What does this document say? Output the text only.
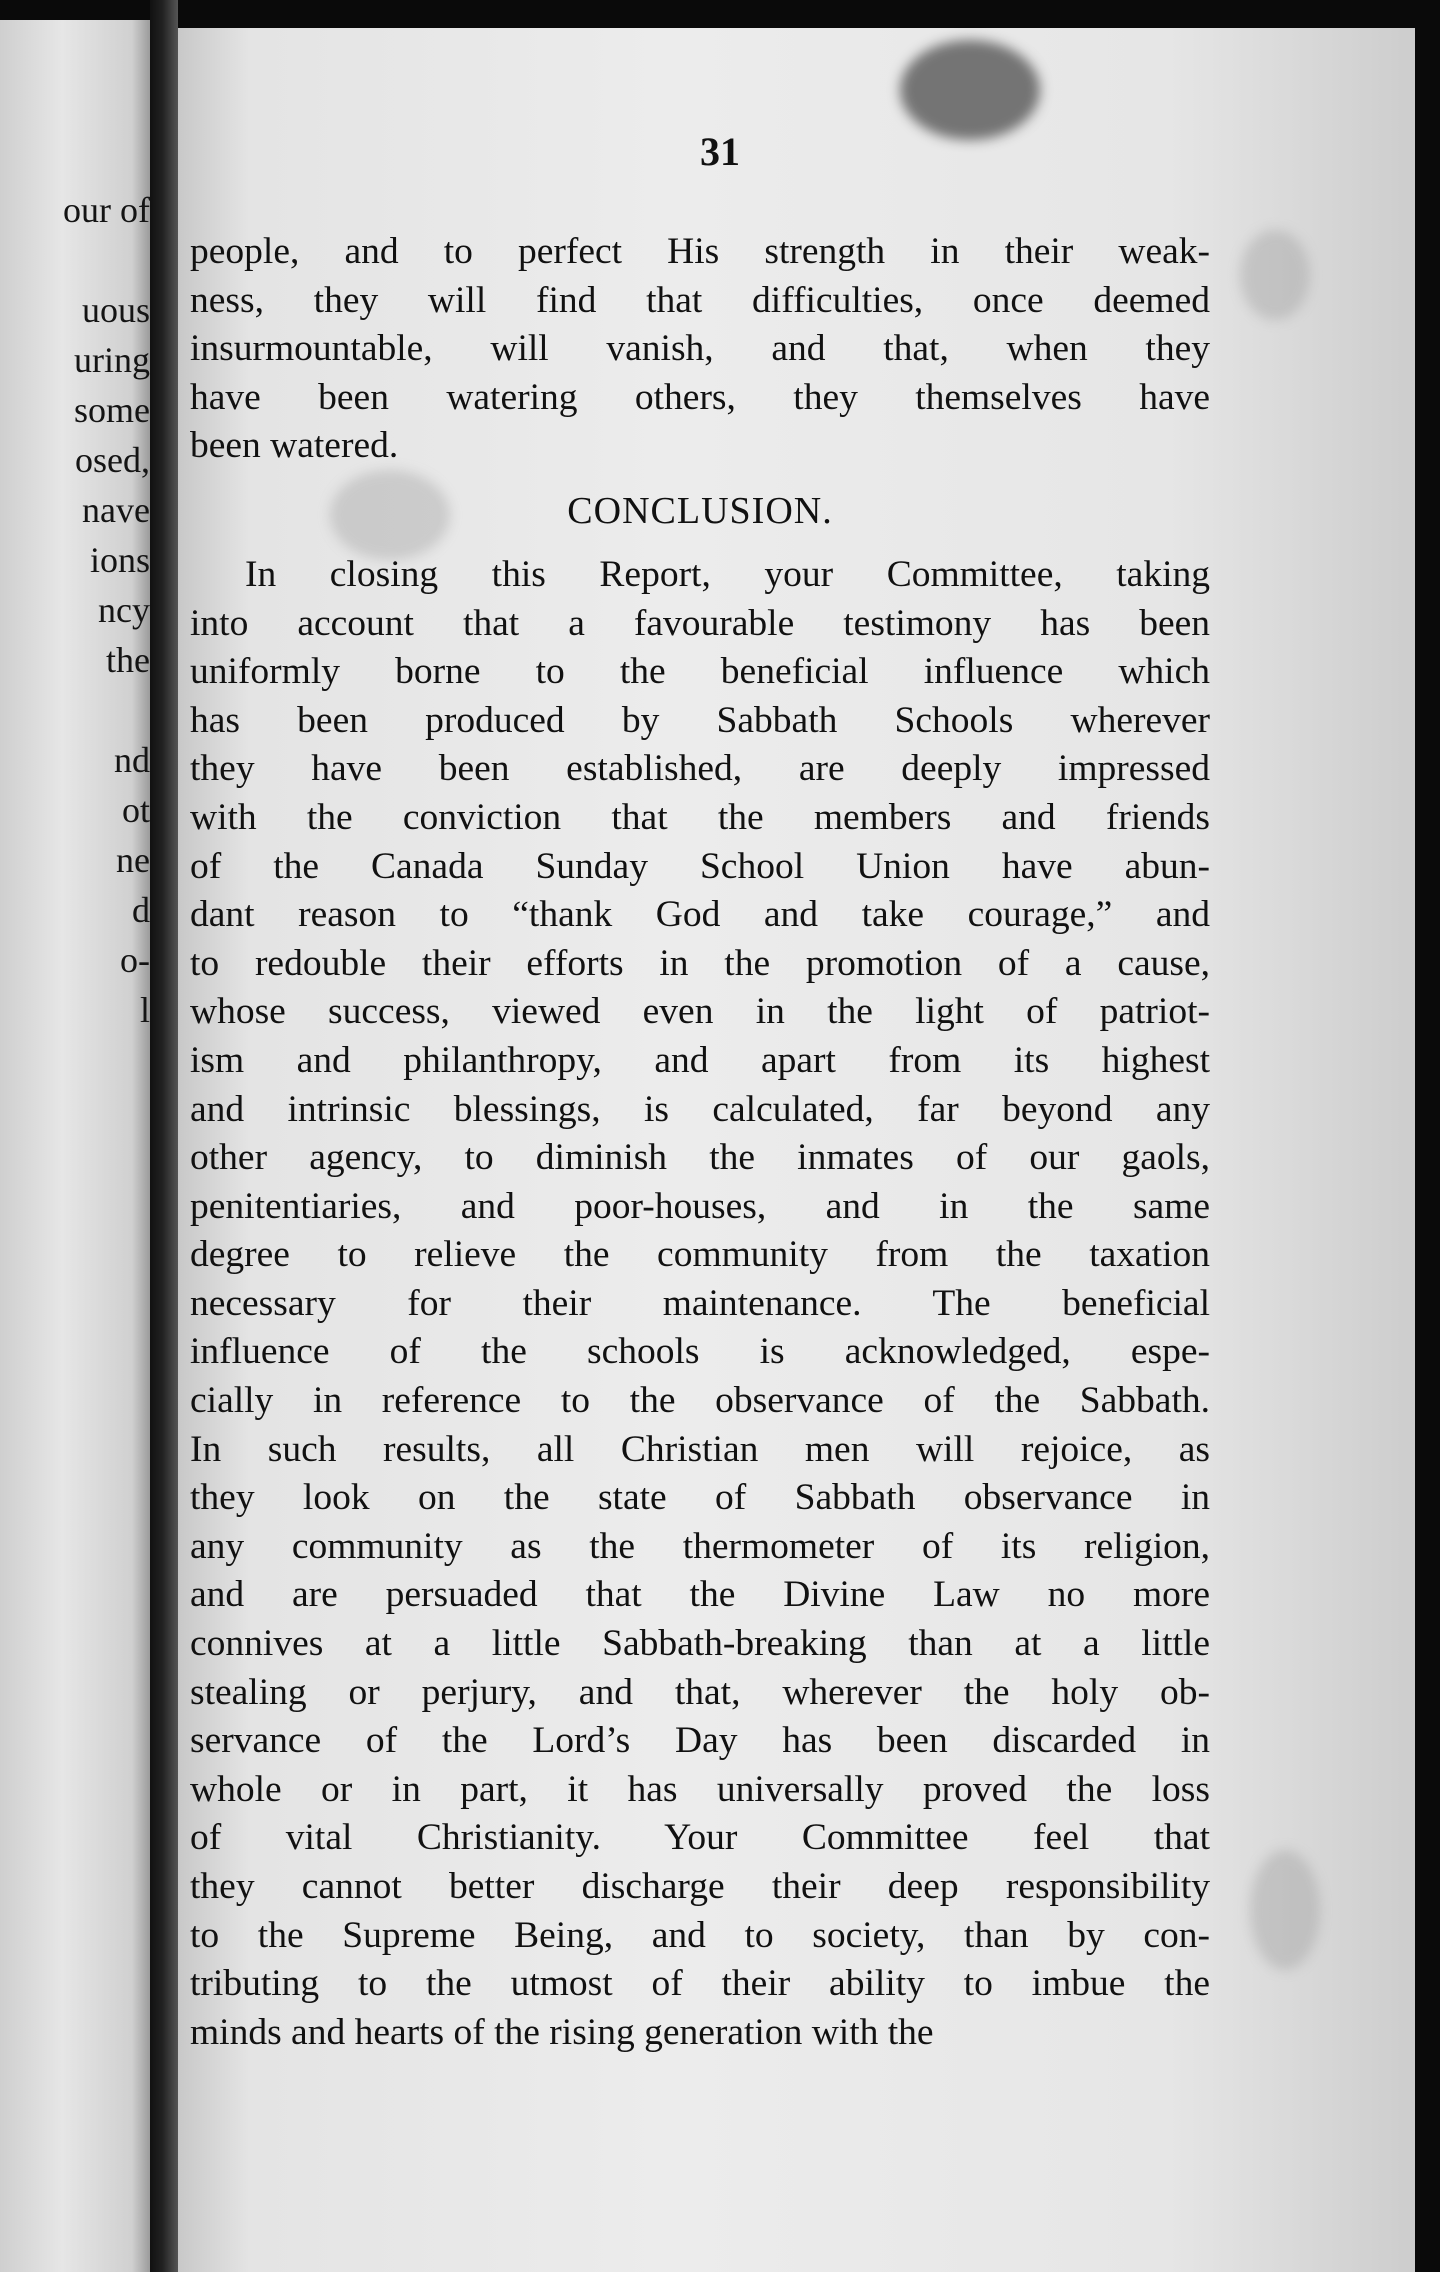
our of
uous
uring
some
osed,
nave
ions
ncy
the
nd
ot
ne
d
o-
l
31
people, and to perfect His strength in their weak-
ness, they will find that difficulties, once deemed
insurmountable, will vanish, and that, when they
have been watering others, they themselves have
been watered.
CONCLUSION.
In closing this Report, your Committee, taking
into account that a favourable testimony has been
uniformly borne to the beneficial influence which
has been produced by Sabbath Schools wherever
they have been established, are deeply impressed
with the conviction that the members and friends
of the Canada Sunday School Union have abun-
dant reason to “thank God and take courage,” and
to redouble their efforts in the promotion of a cause,
whose success, viewed even in the light of patriot-
ism and philanthropy, and apart from its highest
and intrinsic blessings, is calculated, far beyond any
other agency, to diminish the inmates of our gaols,
penitentiaries, and poor-houses, and in the same
degree to relieve the community from the taxation
necessary for their maintenance. The beneficial
influence of the schools is acknowledged, espe-
cially in reference to the observance of the Sabbath.
In such results, all Christian men will rejoice, as
they look on the state of Sabbath observance in
any community as the thermometer of its religion,
and are persuaded that the Divine Law no more
connives at a little Sabbath-breaking than at a little
stealing or perjury, and that, wherever the holy ob-
servance of the Lord’s Day has been discarded in
whole or in part, it has universally proved the loss
of vital Christianity. Your Committee feel that
they cannot better discharge their deep responsibility
to the Supreme Being, and to society, than by con-
tributing to the utmost of their ability to imbue the
minds and hearts of the rising generation with the
